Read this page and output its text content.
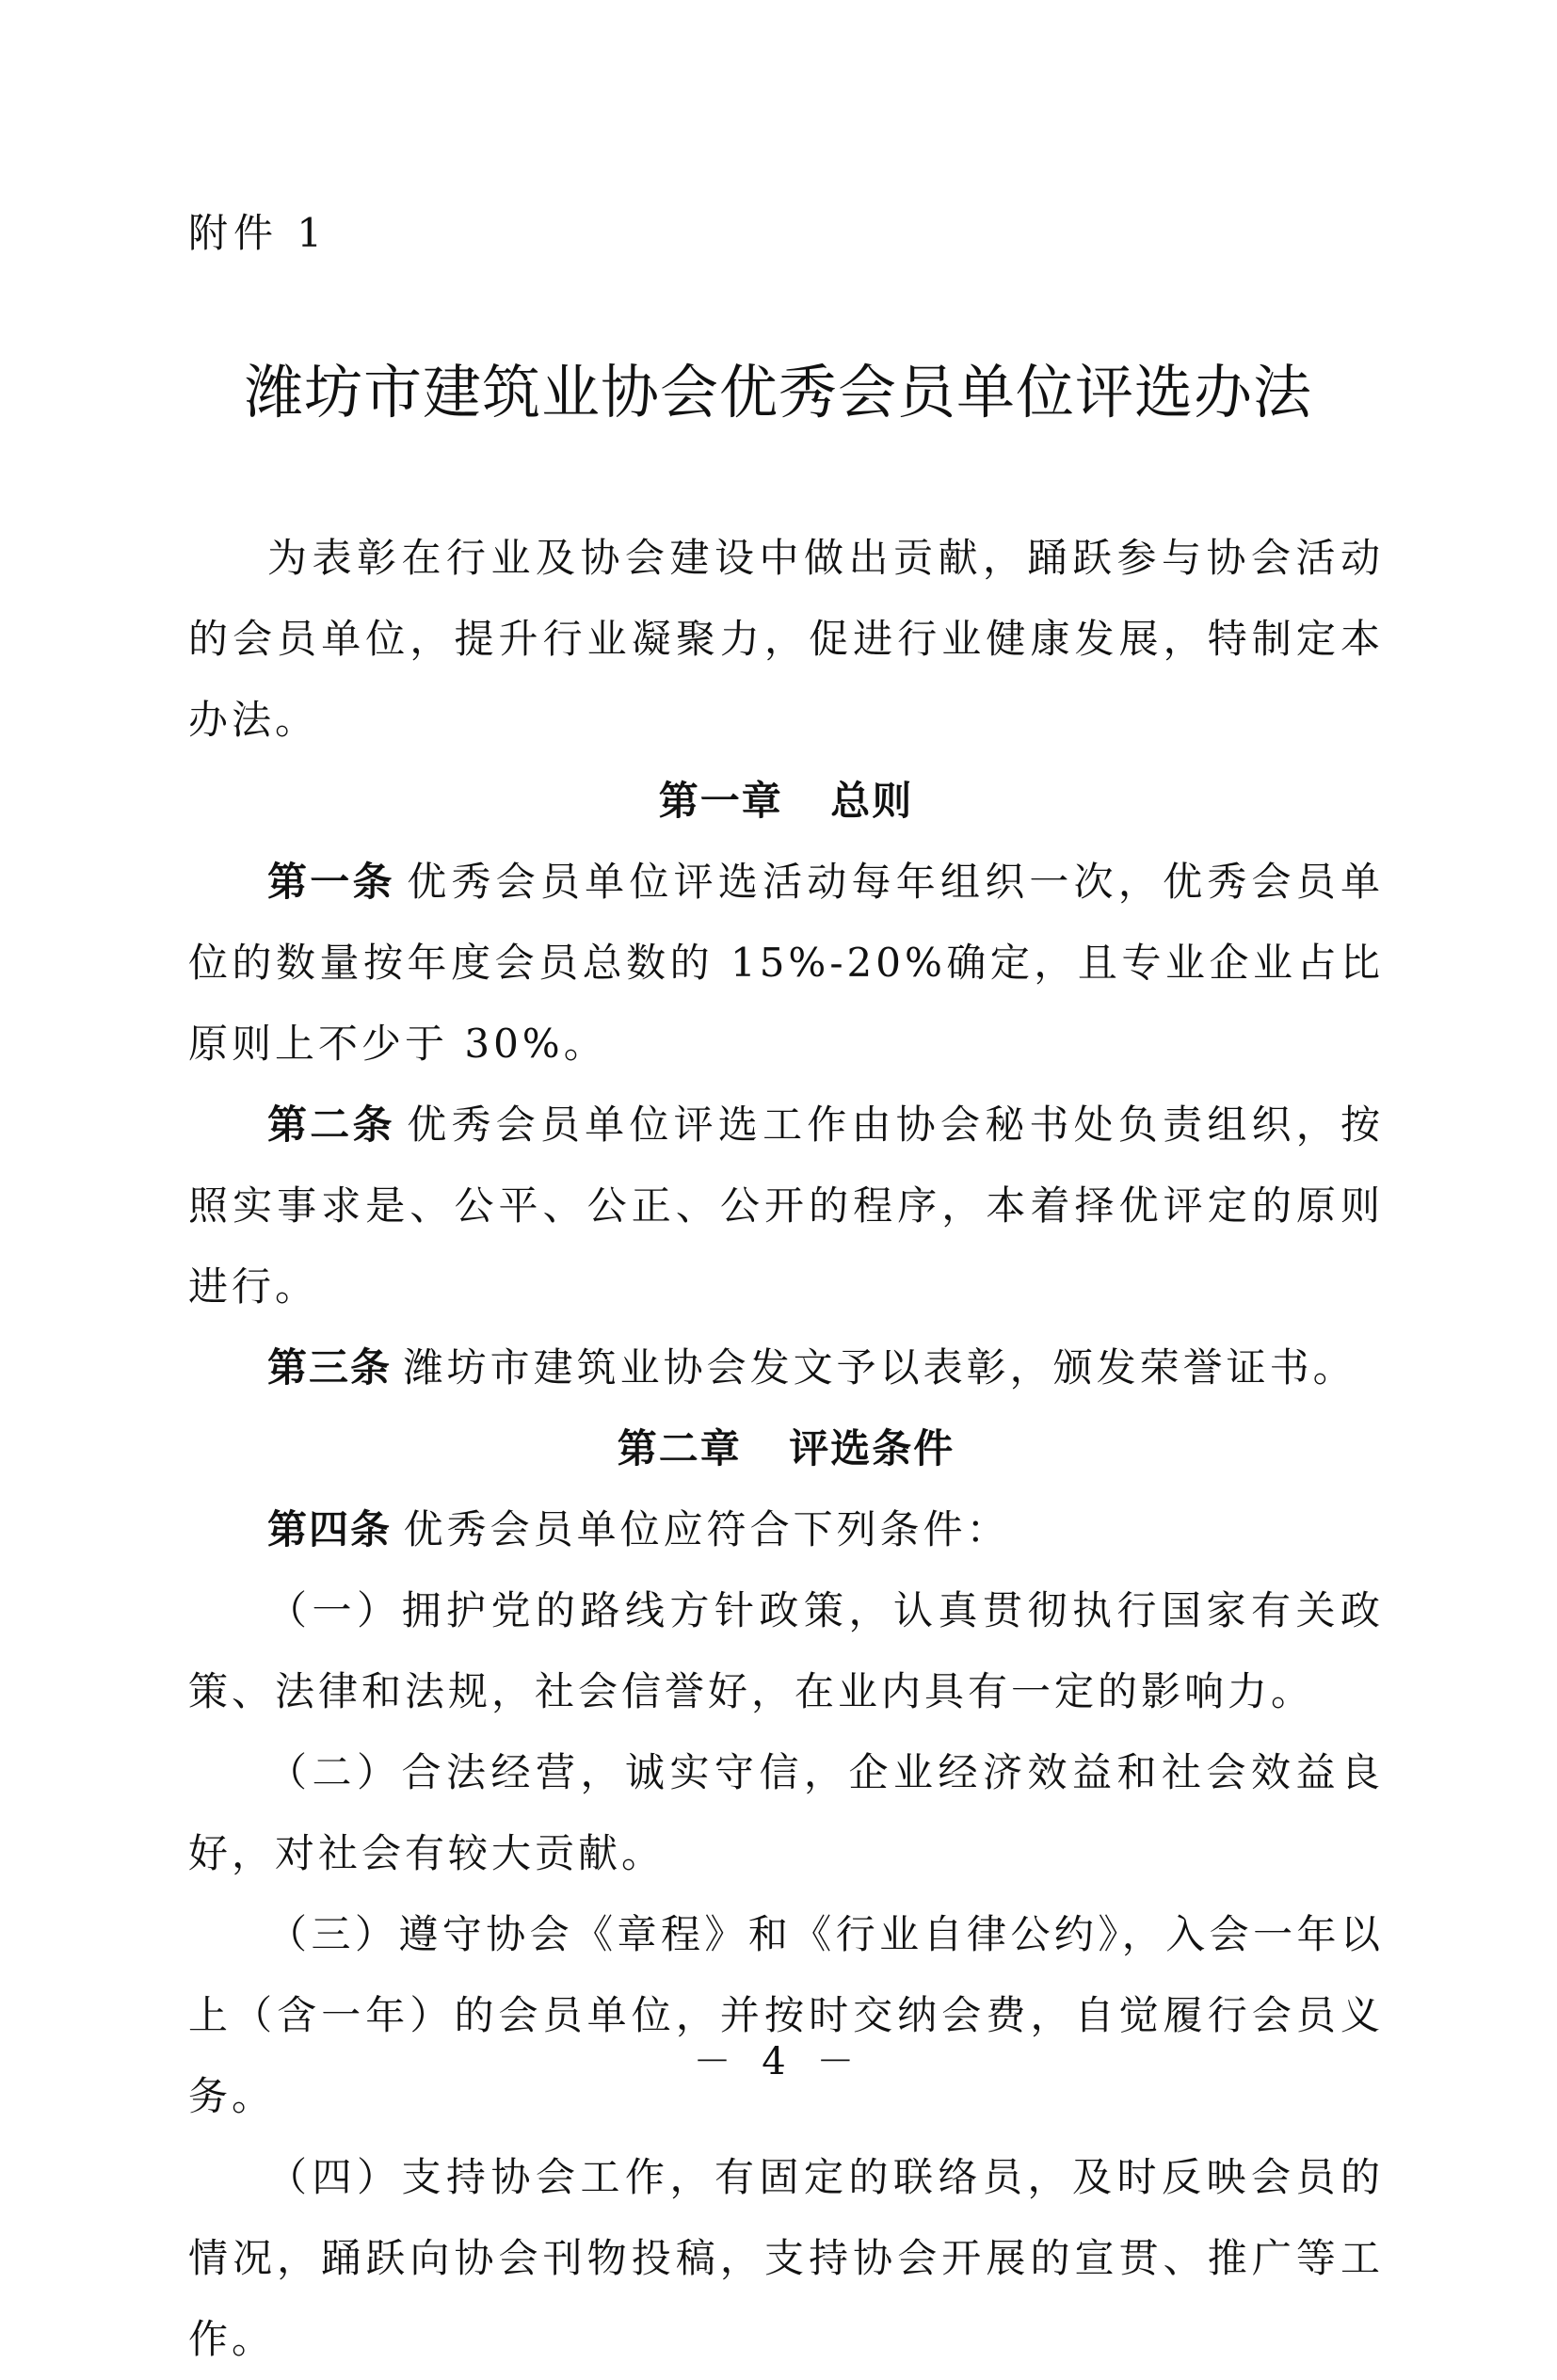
附件 1
潍坊市建筑业协会优秀会员单位评选办法

为表彰在行业及协会建设中做出贡献，踊跃参与协会活动的会员单位，提升行业凝聚力，促进行业健康发展，特制定本办法。

第一章 总则

第一条 优秀会员单位评选活动每年组织一次，优秀会员单位的数量按年度会员总数的 15%-20%确定，且专业企业占比原则上不少于 30%。

第二条 优秀会员单位评选工作由协会秘书处负责组织，按照实事求是、公平、公正、公开的程序，本着择优评定的原则进行。

第三条 潍坊市建筑业协会发文予以表彰，颁发荣誉证书。

第二章 评选条件

第四条 优秀会员单位应符合下列条件：

（一）拥护党的路线方针政策，认真贯彻执行国家有关政策、法律和法规，社会信誉好，在业内具有一定的影响力。

（二）合法经营，诚实守信，企业经济效益和社会效益良好，对社会有较大贡献。

（三）遵守协会《章程》和《行业自律公约》，入会一年以上（含一年）的会员单位，并按时交纳会费，自觉履行会员义务。

（四）支持协会工作，有固定的联络员，及时反映会员的情况，踊跃向协会刊物投稿，支持协会开展的宣贯、推广等工作。

－ 4 －
